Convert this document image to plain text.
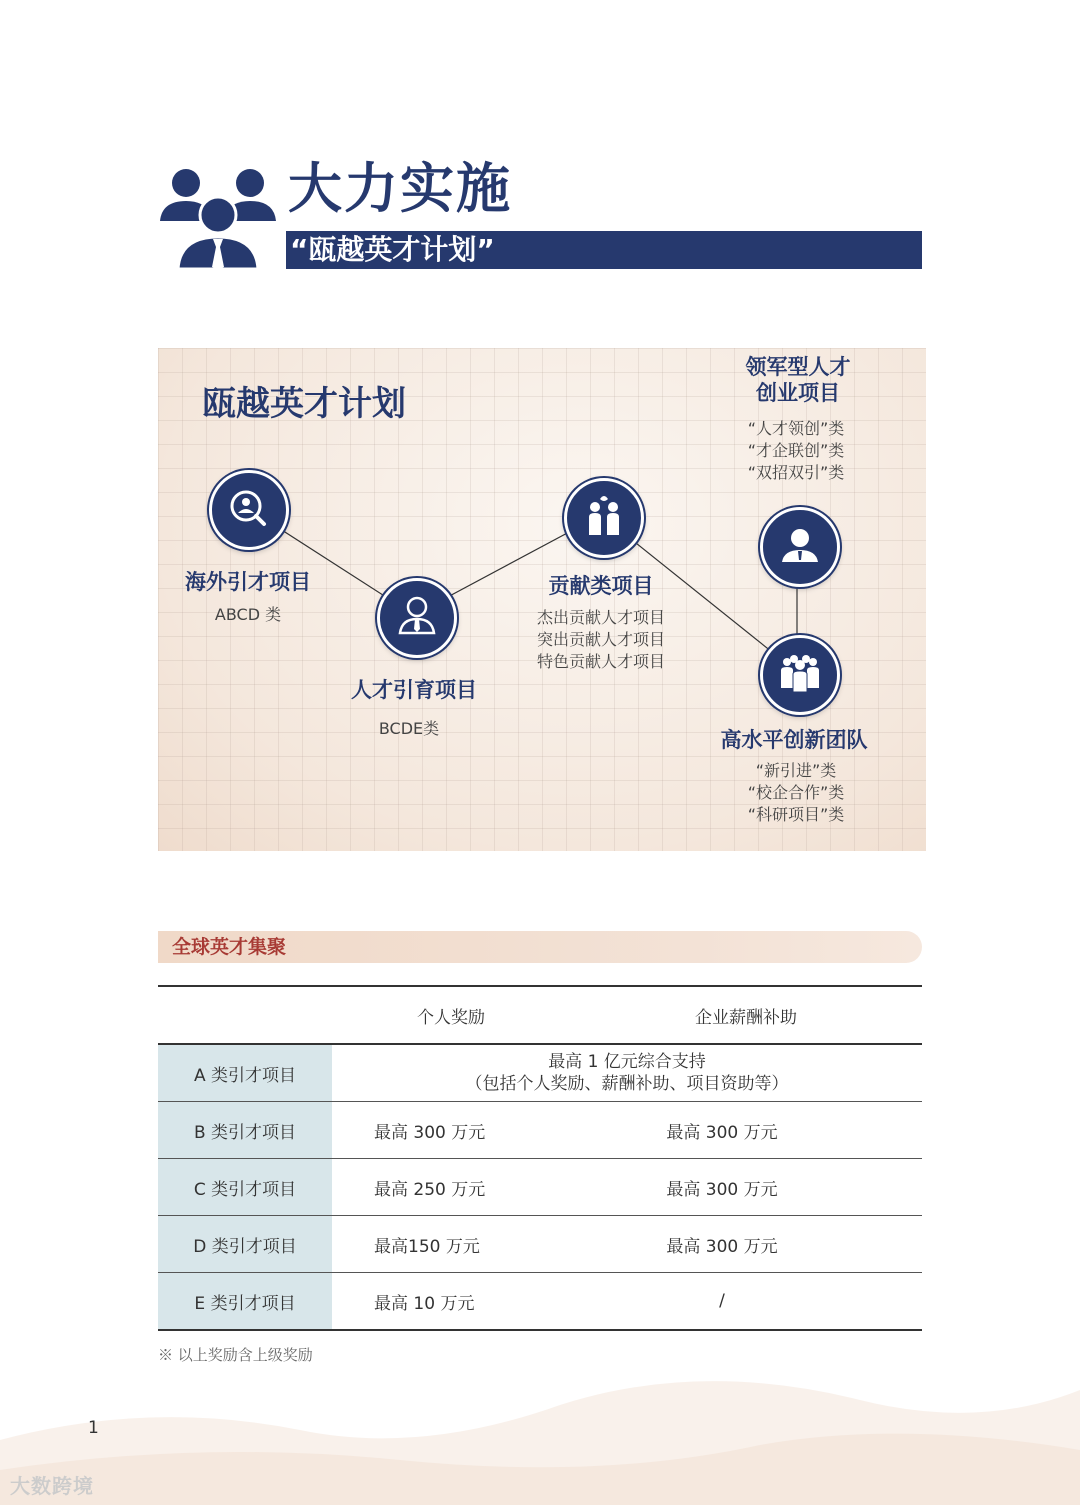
大力实施
“瓯越英才计划”
瓯越英才计划
海外引才项目
ABCD 类
人才引育项目
BCDE类
贡献类项目
杰出贡献人才项目
突出贡献人才项目
特色贡献人才项目
领军型人才
创业项目
“人才领创”类
“才企联创”类
“双招双引”类
高水平创新团队
“新引进”类
“校企合作”类
“科研项目”类
全球英才集聚
	个人奖励	企业薪酬补助
A 类引才项目	最高 1 亿元综合支持
（包括个人奖励、薪酬补助、项目资助等）	

B 类引才项目	最高 300 万元	最高 300 万元
C 类引才项目	最高 250 万元	最高 300 万元
D 类引才项目	最高150 万元	最高 300 万元
E 类引才项目	最高 10 万元	/
※ 以上奖励含上级奖励
1
大数跨境
